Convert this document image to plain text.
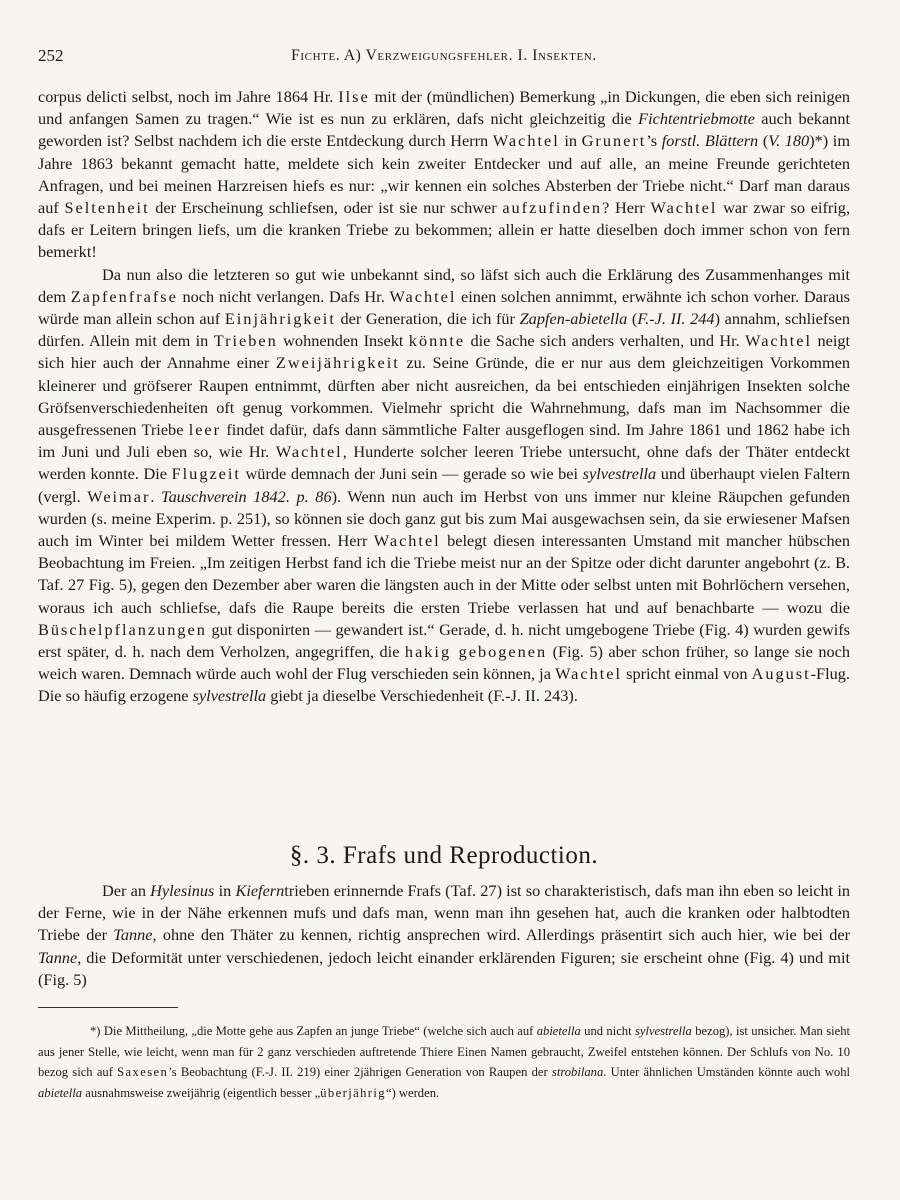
252	Fichte. A) Verzweigungsfehler. I. Insekten.

corpus delicti selbst, noch im Jahre 1864 Hr. Ilse mit der (mündlichen) Bemerkung „in Dickungen, die eben sich reinigen und anfangen Samen zu tragen.“ Wie ist es nun zu erklären, dafs nicht gleichzeitig die Fichtentriebmotte auch bekannt geworden ist? Selbst nachdem ich die erste Entdeckung durch Herrn Wachtel in Grunert’s forstl. Blättern (V. 180)*) im Jahre 1863 bekannt gemacht hatte, meldete sich kein zweiter Entdecker und auf alle, an meine Freunde gerichteten Anfragen, und bei meinen Harzreisen hiefs es nur: „wir kennen ein solches Absterben der Triebe nicht.“ Darf man daraus auf Seltenheit der Erscheinung schliefsen, oder ist sie nur schwer aufzufinden? Herr Wachtel war zwar so eifrig, dafs er Leitern bringen liefs, um die kranken Triebe zu bekommen; allein er hatte dieselben doch immer schon von fern bemerkt!

Da nun also die letzteren so gut wie unbekannt sind, so läfst sich auch die Erklärung des Zusammenhanges mit dem Zapfenfrafse noch nicht verlangen. Dafs Hr. Wachtel einen solchen annimmt, erwähnte ich schon vorher. Daraus würde man allein schon auf Einjährigkeit der Generation, die ich für Zapfen-abietella (F.-J. II. 244) annahm, schliefsen dürfen. Allein mit dem in Trieben wohnenden Insekt könnte die Sache sich anders verhalten, und Hr. Wachtel neigt sich hier auch der Annahme einer Zweijährigkeit zu. Seine Gründe, die er nur aus dem gleichzeitigen Vorkommen kleinerer und gröfserer Raupen entnimmt, dürften aber nicht ausreichen, da bei entschieden einjährigen Insekten solche Gröfsenverschiedenheiten oft genug vorkommen. Vielmehr spricht die Wahrnehmung, dafs man im Nachsommer die ausgefressenen Triebe leer findet dafür, dafs dann sämmtliche Falter ausgeflogen sind. Im Jahre 1861 und 1862 habe ich im Juni und Juli eben so, wie Hr. Wachtel, Hunderte solcher leeren Triebe untersucht, ohne dafs der Thäter entdeckt werden konnte. Die Flugzeit würde demnach der Juni sein — gerade so wie bei sylvestrella und überhaupt vielen Faltern (vergl. Weimar. Tauschverein 1842. p. 86). Wenn nun auch im Herbst von uns immer nur kleine Räupchen gefunden wurden (s. meine Experim. p. 251), so können sie doch ganz gut bis zum Mai ausgewachsen sein, da sie erwiesener Mafsen auch im Winter bei mildem Wetter fressen. Herr Wachtel belegt diesen interessanten Umstand mit mancher hübschen Beobachtung im Freien. „Im zeitigen Herbst fand ich die Triebe meist nur an der Spitze oder dicht darunter angebohrt (z. B. Taf. 27 Fig. 5), gegen den Dezember aber waren die längsten auch in der Mitte oder selbst unten mit Bohrlöchern versehen, woraus ich auch schliefse, dafs die Raupe bereits die ersten Triebe verlassen hat und auf benachbarte — wozu die Büschelpflanzungen gut disponirten — gewandert ist.“ Gerade, d. h. nicht umgebogene Triebe (Fig. 4) wurden gewifs erst später, d. h. nach dem Verholzen, angegriffen, die hakig gebogenen (Fig. 5) aber schon früher, so lange sie noch weich waren. Demnach würde auch wohl der Flug verschieden sein können, ja Wachtel spricht einmal von August-Flug. Die so häufig erzogene sylvestrella giebt ja dieselbe Verschiedenheit (F.-J. II. 243).

§. 3. Frafs und Reproduction.

Der an Hylesinus in Kieferntrieben erinnernde Frafs (Taf. 27) ist so charakteristisch, dafs man ihn eben so leicht in der Ferne, wie in der Nähe erkennen mufs und dafs man, wenn man ihn gesehen hat, auch die kranken oder halbtodten Triebe der Tanne, ohne den Thäter zu kennen, richtig ansprechen wird. Allerdings präsentirt sich auch hier, wie bei der Tanne, die Deformität unter verschiedenen, jedoch leicht einander erklärenden Figuren; sie erscheint ohne (Fig. 4) und mit (Fig. 5)

*) Die Mittheilung, „die Motte gehe aus Zapfen an junge Triebe“ (welche sich auch auf abietella und nicht sylvestrella bezog), ist unsicher. Man sieht aus jener Stelle, wie leicht, wenn man für 2 ganz verschieden auftretende Thiere Einen Namen gebraucht, Zweifel entstehen können. Der Schlufs von No. 10 bezog sich auf Saxesen’s Beobachtung (F.-J. II. 219) einer 2jährigen Generation von Raupen der strobilana. Unter ähnlichen Umständen könnte auch wohl abietella ausnahmsweise zweijährig (eigentlich besser „überjährig“) werden.
